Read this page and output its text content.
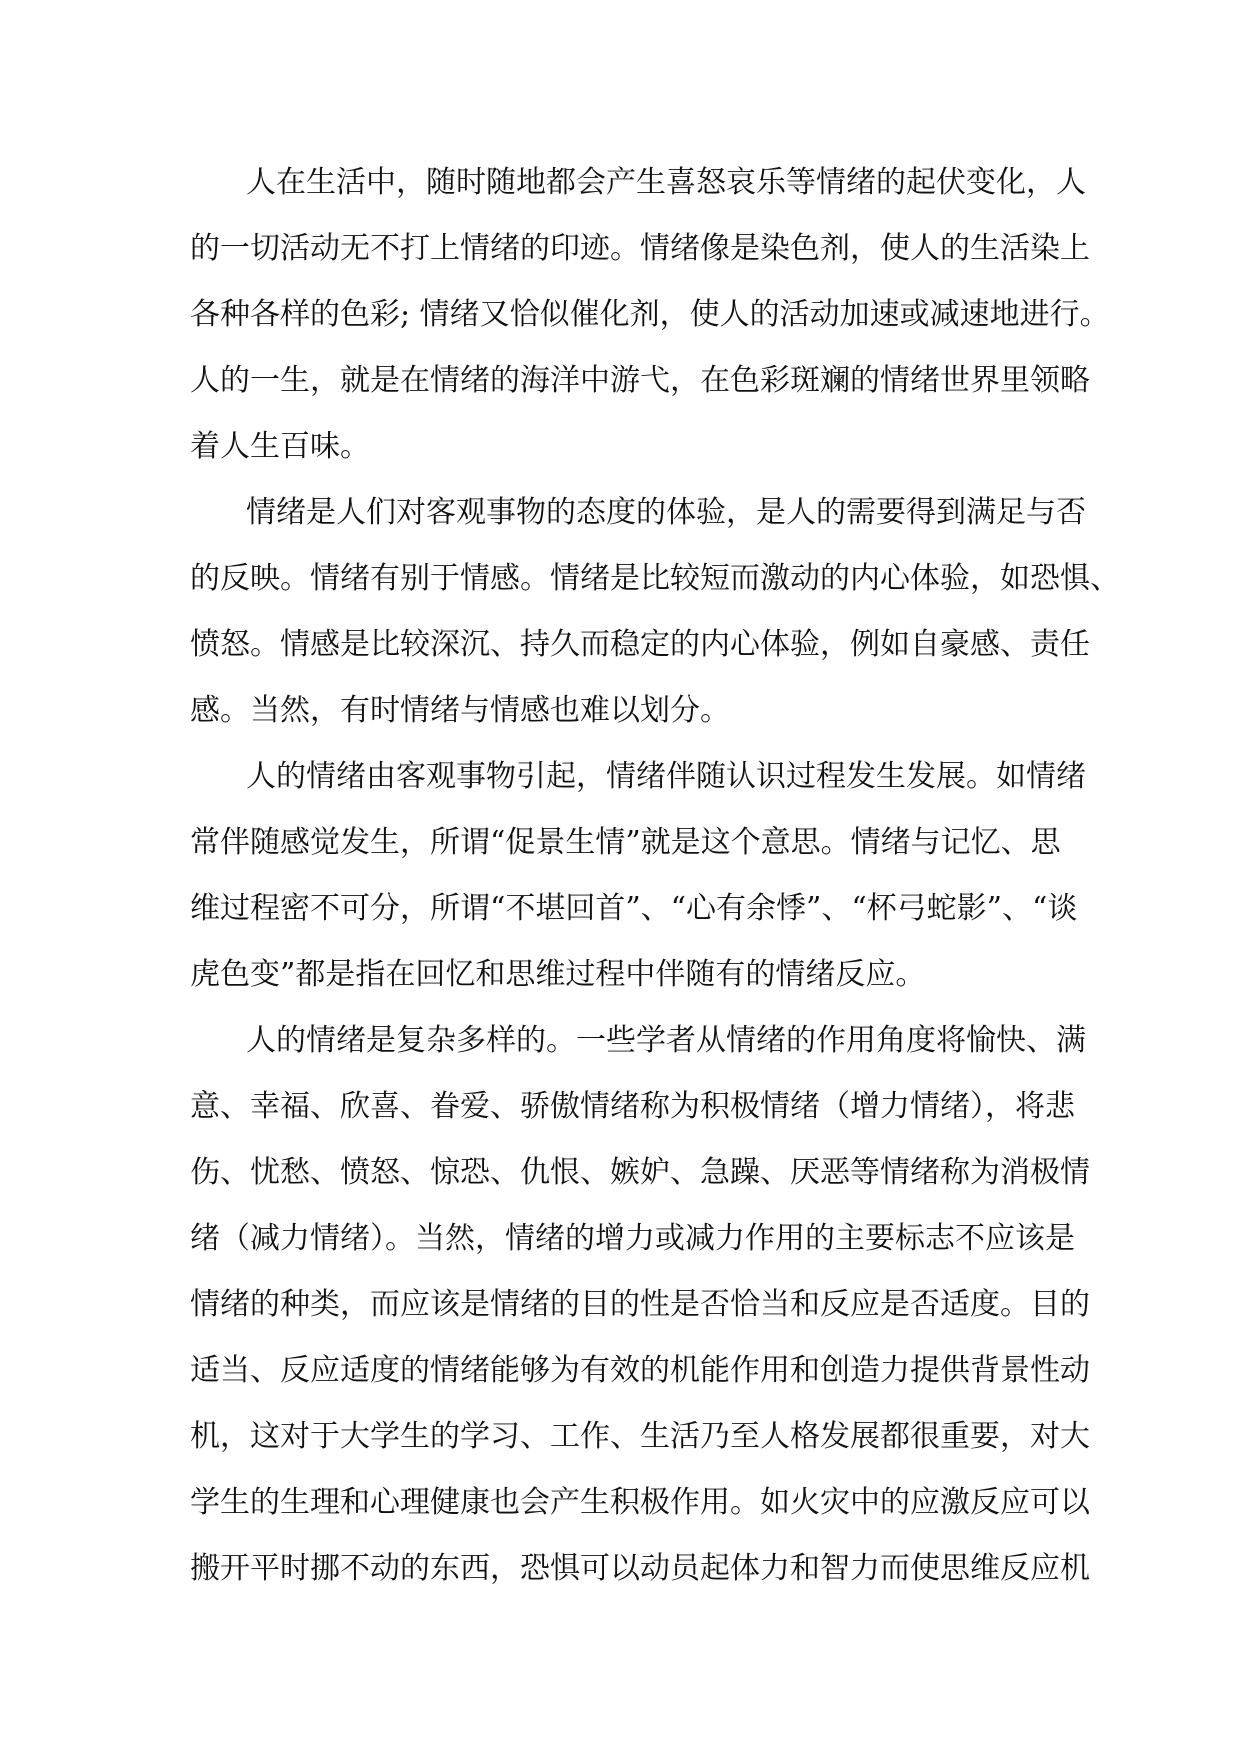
人在生活中，随时随地都会产生喜怒哀乐等情绪的起伏变化，人
的一切活动无不打上情绪的印迹。情绪像是染色剂，使人的生活染上
各种各样的色彩; 情绪又恰似催化剂，使人的活动加速或减速地进行。
人的一生，就是在情绪的海洋中游弋，在色彩斑斓的情绪世界里领略
着人生百味。
情绪是人们对客观事物的态度的体验，是人的需要得到满足与否
的反映。情绪有别于情感。情绪是比较短而激动的内心体验，如恐惧、
愤怒。情感是比较深沉、持久而稳定的内心体验，例如自豪感、责任
感。当然，有时情绪与情感也难以划分。
人的情绪由客观事物引起，情绪伴随认识过程发生发展。如情绪
常伴随感觉发生，所谓“促景生情”就是这个意思。情绪与记忆、思
维过程密不可分，所谓“不堪回首”、“心有余悸”、“杯弓蛇影”、“谈
虎色变”都是指在回忆和思维过程中伴随有的情绪反应。
人的情绪是复杂多样的。一些学者从情绪的作用角度将愉快、满
意、幸福、欣喜、眷爱、骄傲情绪称为积极情绪（增力情绪），将悲
伤、忧愁、愤怒、惊恐、仇恨、嫉妒、急躁、厌恶等情绪称为消极情
绪（减力情绪）。当然，情绪的增力或减力作用的主要标志不应该是
情绪的种类，而应该是情绪的目的性是否恰当和反应是否适度。目的
适当、反应适度的情绪能够为有效的机能作用和创造力提供背景性动
机，这对于大学生的学习、工作、生活乃至人格发展都很重要，对大
学生的生理和心理健康也会产生积极作用。如火灾中的应激反应可以
搬开平时挪不动的东西，恐惧可以动员起体力和智力而使思维反应机
